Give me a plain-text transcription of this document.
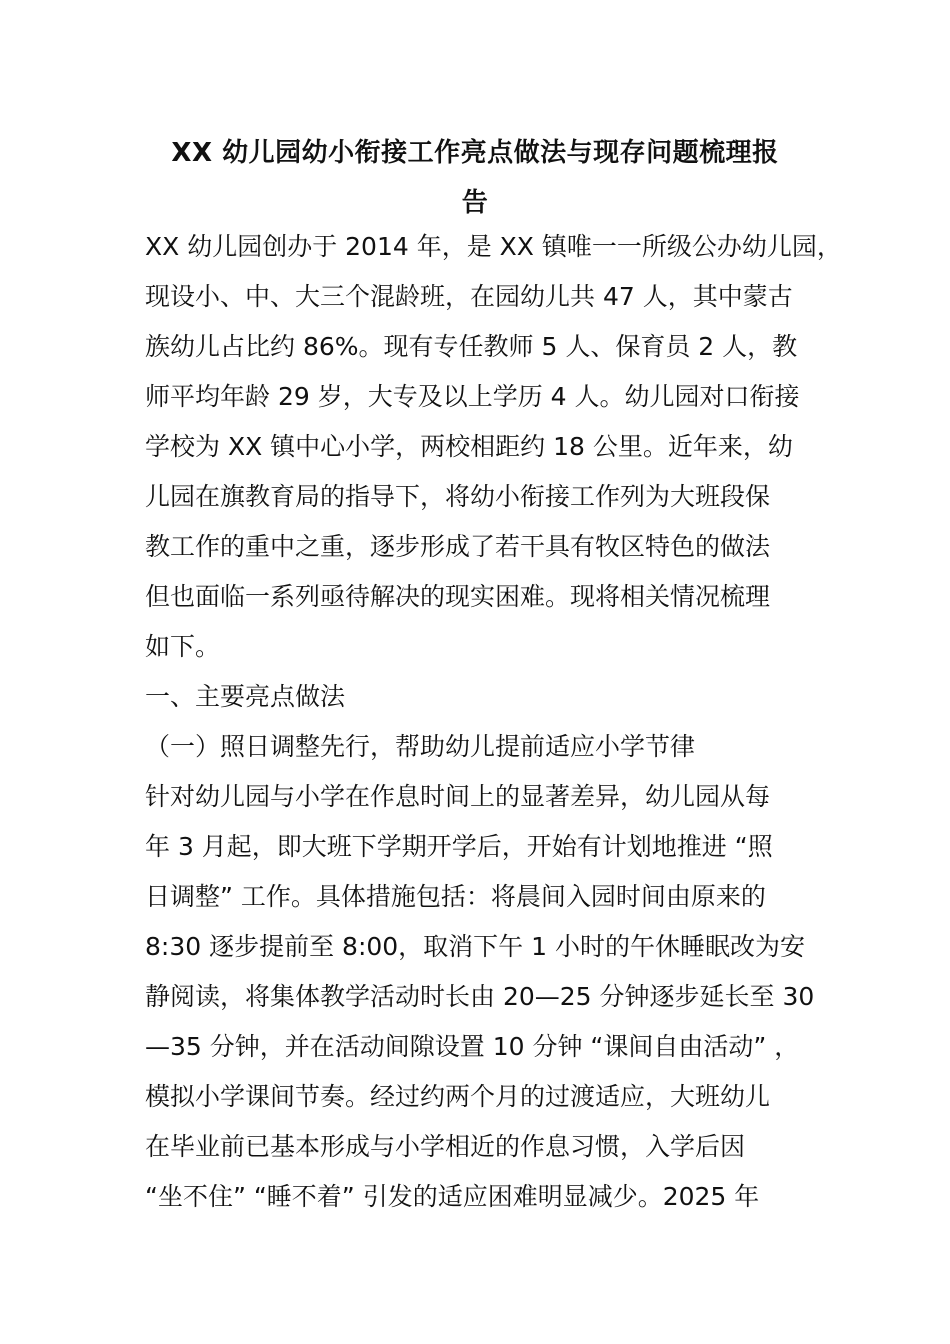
XX 幼儿园幼小衔接工作亮点做法与现存问题梳理报
告
XX 幼儿园创办于 2014 年，是 XX 镇唯一一所级公办幼儿园，
现设小、中、大三个混龄班，在园幼儿共 47 人，其中蒙古
族幼儿占比约 86%。现有专任教师 5 人、保育员 2 人，教
师平均年龄 29 岁，大专及以上学历 4 人。幼儿园对口衔接
学校为 XX 镇中心小学，两校相距约 18 公里。近年来，幼
儿园在旗教育局的指导下，将幼小衔接工作列为大班段保
教工作的重中之重，逐步形成了若干具有牧区特色的做法
但也面临一系列亟待解决的现实困难。现将相关情况梳理
如下。
一、主要亮点做法
（一）照日调整先行，帮助幼儿提前适应小学节律
针对幼儿园与小学在作息时间上的显著差异，幼儿园从每
年 3 月起，即大班下学期开学后，开始有计划地推进 “照
日调整” 工作。具体措施包括：将晨间入园时间由原来的
8:30 逐步提前至 8:00，取消下午 1 小时的午休睡眠改为安
静阅读，将集体教学活动时长由 20—25 分钟逐步延长至 30
—35 分钟，并在活动间隙设置 10 分钟 “课间自由活动” ，
模拟小学课间节奏。经过约两个月的过渡适应，大班幼儿
在毕业前已基本形成与小学相近的作息习惯，入学后因
“坐不住” “睡不着” 引发的适应困难明显减少。2025 年
